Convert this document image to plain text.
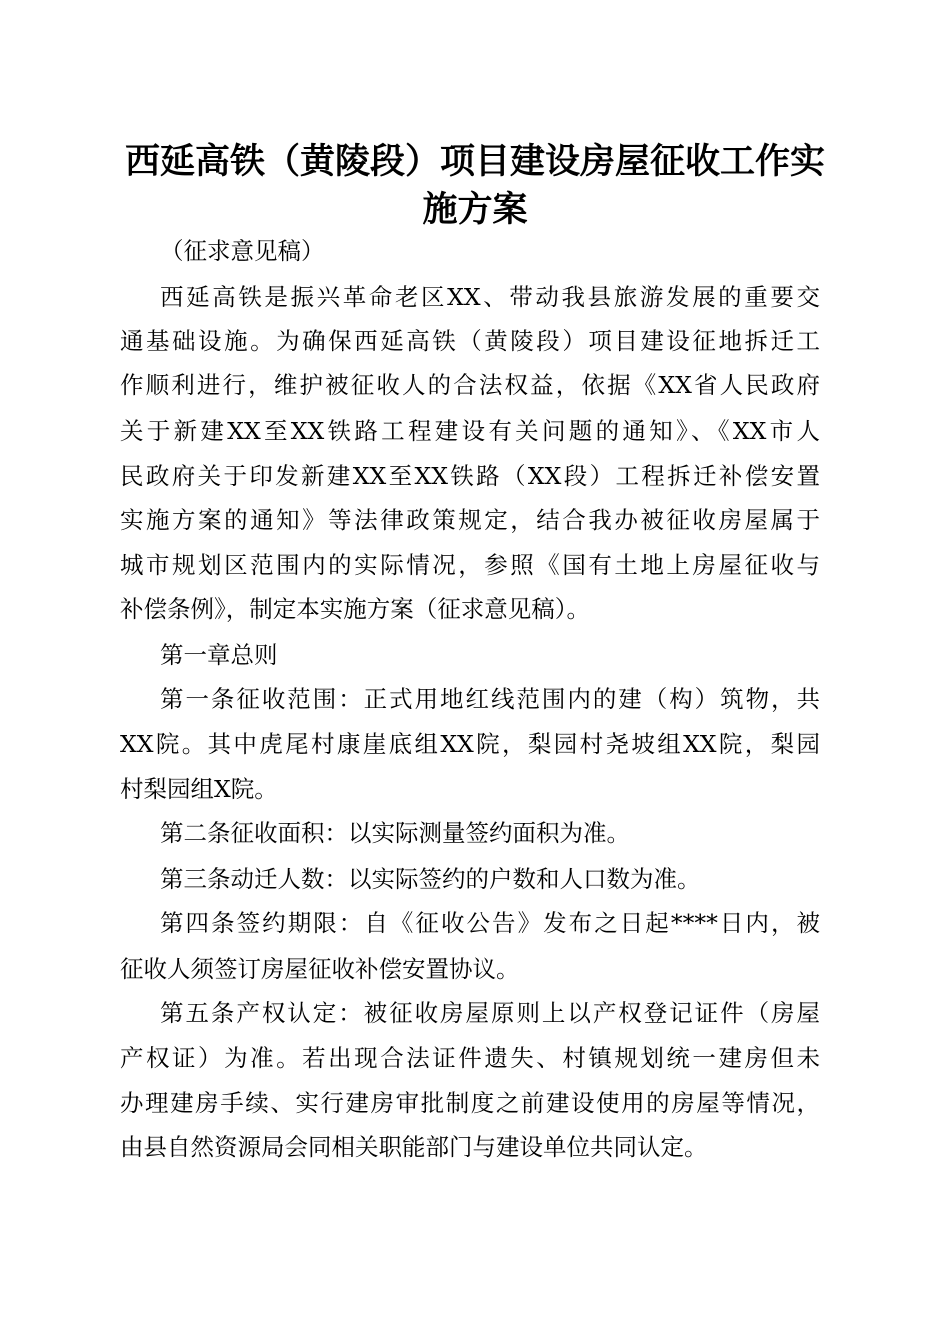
西延高铁（黄陵段）项目建设房屋征收工作实
施方案
（征求意见稿）
西延高铁是振兴革命老区XX、带动我县旅游发展的重要交
通基础设施。为确保西延高铁（黄陵段）项目建设征地拆迁工
作顺利进行，维护被征收人的合法权益，依据《XX省人民政府
关于新建XX至XX铁路工程建设有关问题的通知》、《XX市人
民政府关于印发新建XX至XX铁路（XX段）工程拆迁补偿安置
实施方案的通知》等法律政策规定，结合我办被征收房屋属于
城市规划区范围内的实际情况，参照《国有土地上房屋征收与
补偿条例》，制定本实施方案（征求意见稿）。
第一章总则
第一条征收范围：正式用地红线范围内的建（构）筑物，共
XX院。其中虎尾村康崖底组XX院，梨园村尧坡组XX院，梨园
村梨园组X院。
第二条征收面积：以实际测量签约面积为准。
第三条动迁人数：以实际签约的户数和人口数为准。
第四条签约期限：自《征收公告》发布之日起****日内，被
征收人须签订房屋征收补偿安置协议。
第五条产权认定：被征收房屋原则上以产权登记证件（房屋
产权证）为准。若出现合法证件遗失、村镇规划统一建房但未
办理建房手续、实行建房审批制度之前建设使用的房屋等情况，
由县自然资源局会同相关职能部门与建设单位共同认定。
